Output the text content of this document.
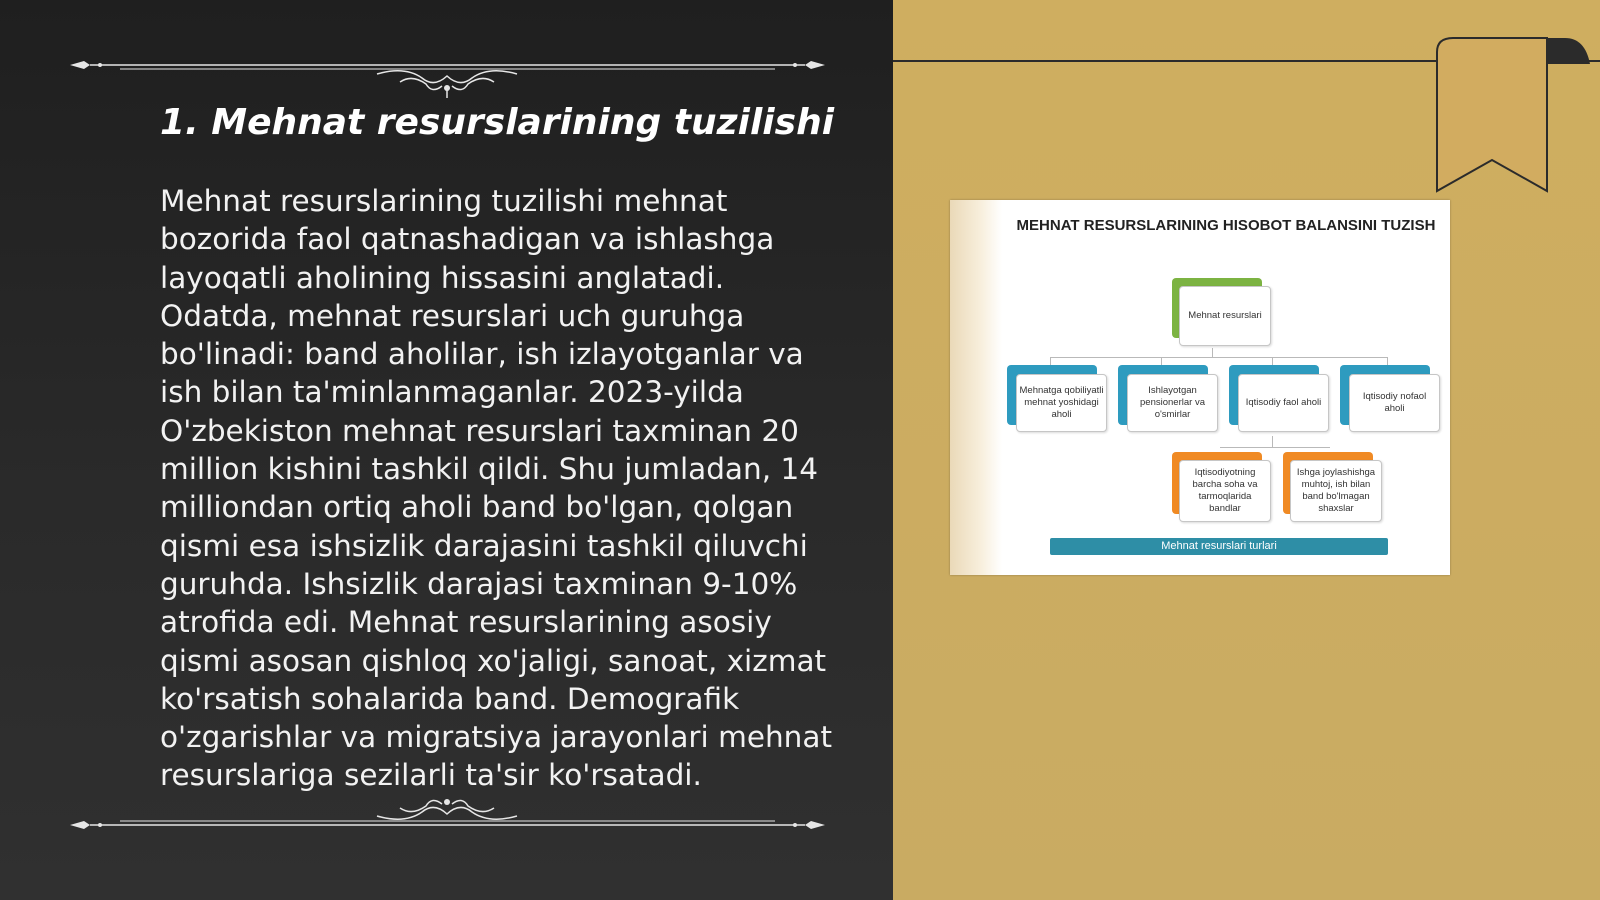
1. Mehnat resurslarining tuzilishi

Mehnat resurslarining tuzilishi mehnat bozorida faol qatnashadigan va ishlashga layoqatli aholining hissasini anglatadi. Odatda, mehnat resurslari uch guruhga bo'linadi: band aholilar, ish izlayotganlar va ish bilan ta'minlanmaganlar. 2023-yilda O'zbekiston mehnat resurslari taxminan 20 million kishini tashkil qildi. Shu jumladan, 14 milliondan ortiq aholi band bo'lgan, qolgan qismi esa ishsizlik darajasini tashkil qiluvchi guruhda. Ishsizlik darajasi taxminan 9-10% atrofida edi. Mehnat resurslarining asosiy qismi asosan qishloq xo'jaligi, sanoat, xizmat ko'rsatish sohalarida band. Demografik o'zgarishlar va migratsiya jarayonlari mehnat resurslariga sezilarli ta'sir ko'rsatadi.

MEHNAT RESURSLARINING HISOBOT BALANSINI TUZISH
Mehnat resurslari
Mehnatga qobiliyatli mehnat yoshidagi aholi
Ishlayotgan pensionerlar va o'smirlar
Iqtisodiy faol aholi
Iqtisodiy nofaol aholi
Iqtisodiyotning barcha soha va tarmoqlarida bandlar
Ishga joylashishga muhtoj, ish bilan band bo'lmagan shaxslar
Mehnat resurslari turlari
